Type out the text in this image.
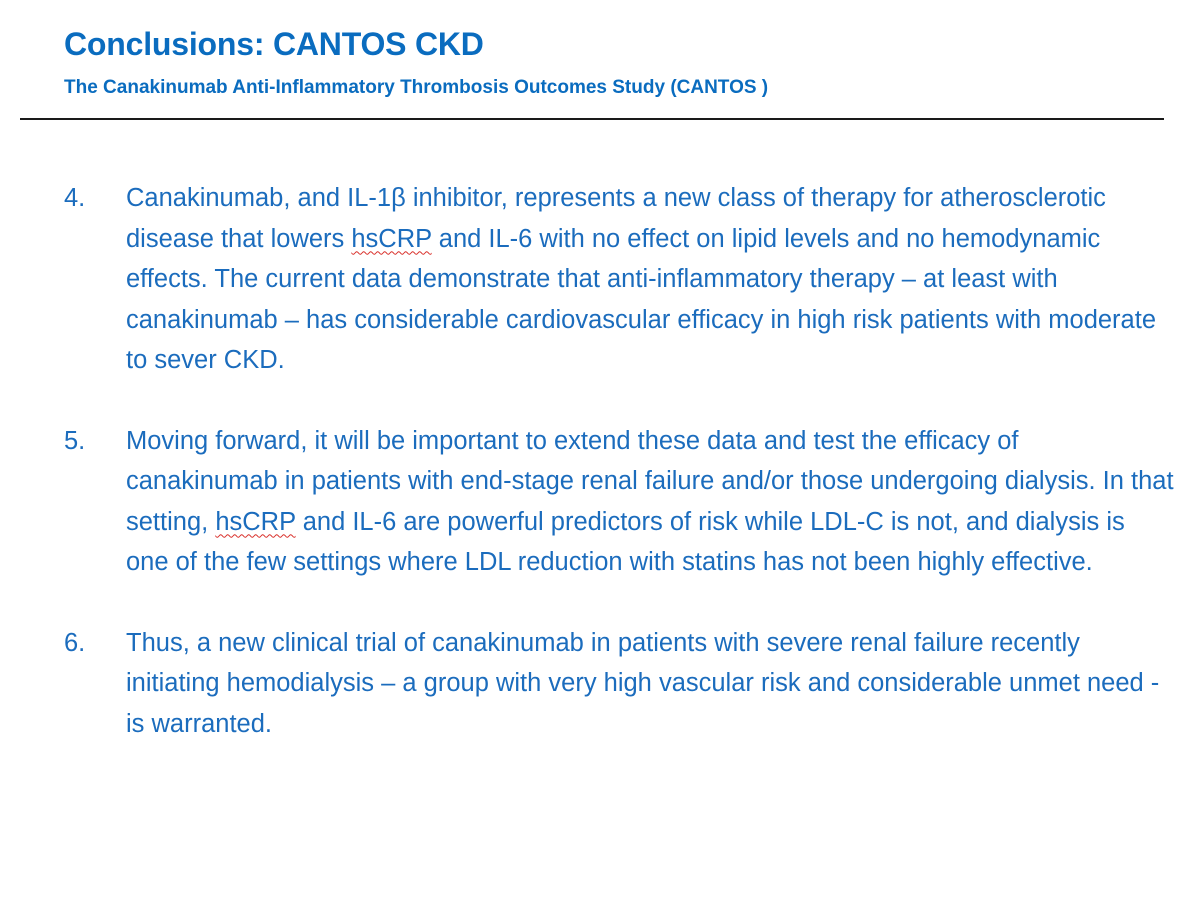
Conclusions: CANTOS CKD
The Canakinumab Anti-Inflammatory Thrombosis Outcomes Study (CANTOS )
4. Canakinumab, and IL-1β inhibitor, represents a new class of therapy for atherosclerotic disease that lowers hsCRP and IL-6 with no effect on lipid levels and no hemodynamic effects. The current data demonstrate that anti-inflammatory therapy – at least with canakinumab – has considerable cardiovascular efficacy in high risk patients with moderate to sever CKD.
5. Moving forward, it will be important to extend these data and test the efficacy of canakinumab in patients with end-stage renal failure and/or those undergoing dialysis. In that setting, hsCRP and IL-6 are powerful predictors of risk while LDL-C is not, and dialysis is one of the few settings where LDL reduction with statins has not been highly effective.
6. Thus, a new clinical trial of canakinumab in patients with severe renal failure recently initiating hemodialysis – a group with very high vascular risk and considerable unmet need - is warranted.
